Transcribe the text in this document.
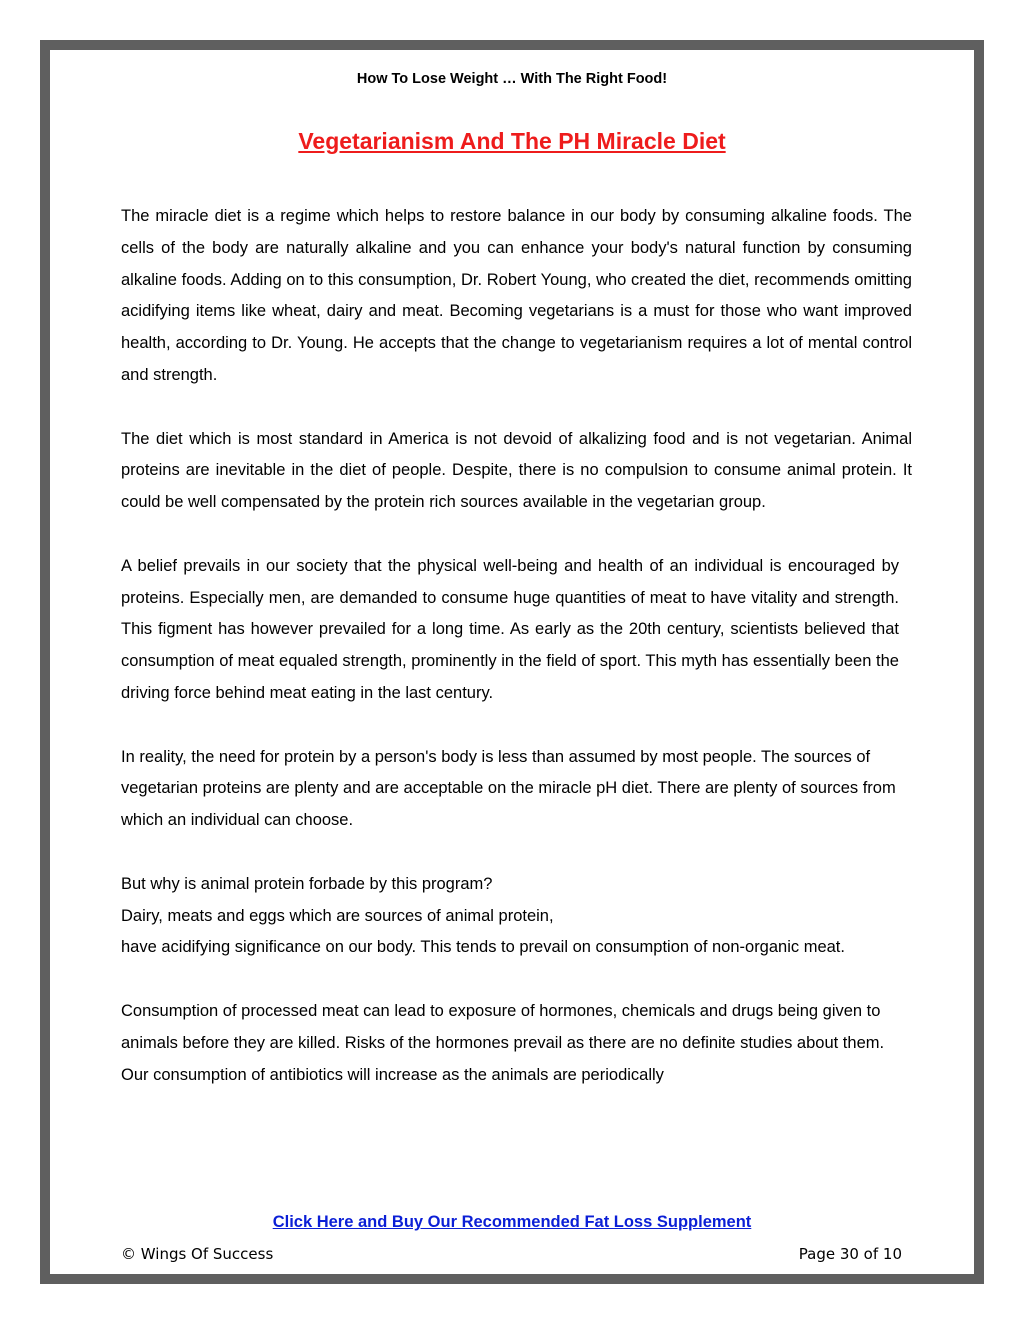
How To Lose Weight … With The Right Food!
Vegetarianism And The PH Miracle Diet

The miracle diet is a regime which helps to restore balance in our body by consuming alkaline foods. The cells of the body are naturally alkaline and you can enhance your body's natural function by consuming alkaline foods. Adding on to this consumption, Dr. Robert Young, who created the diet, recommends omitting acidifying items like wheat, dairy and meat. Becoming vegetarians is a must for those who want improved health, according to Dr. Young. He accepts that the change to vegetarianism requires a lot of mental control and strength.

The diet which is most standard in America is not devoid of alkalizing food and is not vegetarian. Animal proteins are inevitable in the diet of people. Despite, there is no compulsion to consume animal protein. It could be well compensated by the protein rich sources available in the vegetarian group.

A belief prevails in our society that the physical well-being and health of an individual is encouraged by proteins. Especially men, are demanded to consume huge quantities of meat to have vitality and strength. This figment has however prevailed for a long time. As early as the 20th century, scientists believed that consumption of meat equaled strength, prominently in the field of sport. This myth has essentially been the driving force behind meat eating in the last century.

In reality, the need for protein by a person's body is less than assumed by most people. The sources of vegetarian proteins are plenty and are acceptable on the miracle pH diet. There are plenty of sources from which an individual can choose.

But why is animal protein forbade by this program?
Dairy, meats and eggs which are sources of animal protein,
have acidifying significance on our body. This tends to prevail on consumption of non-organic meat.

Consumption of processed meat can lead to exposure of hormones, chemicals and drugs being given to animals before they are killed. Risks of the hormones prevail as there are no definite studies about them. Our consumption of antibiotics will increase as the animals are periodically

Click Here and Buy Our Recommended Fat Loss Supplement
© Wings Of Success	Page 30 of 10
